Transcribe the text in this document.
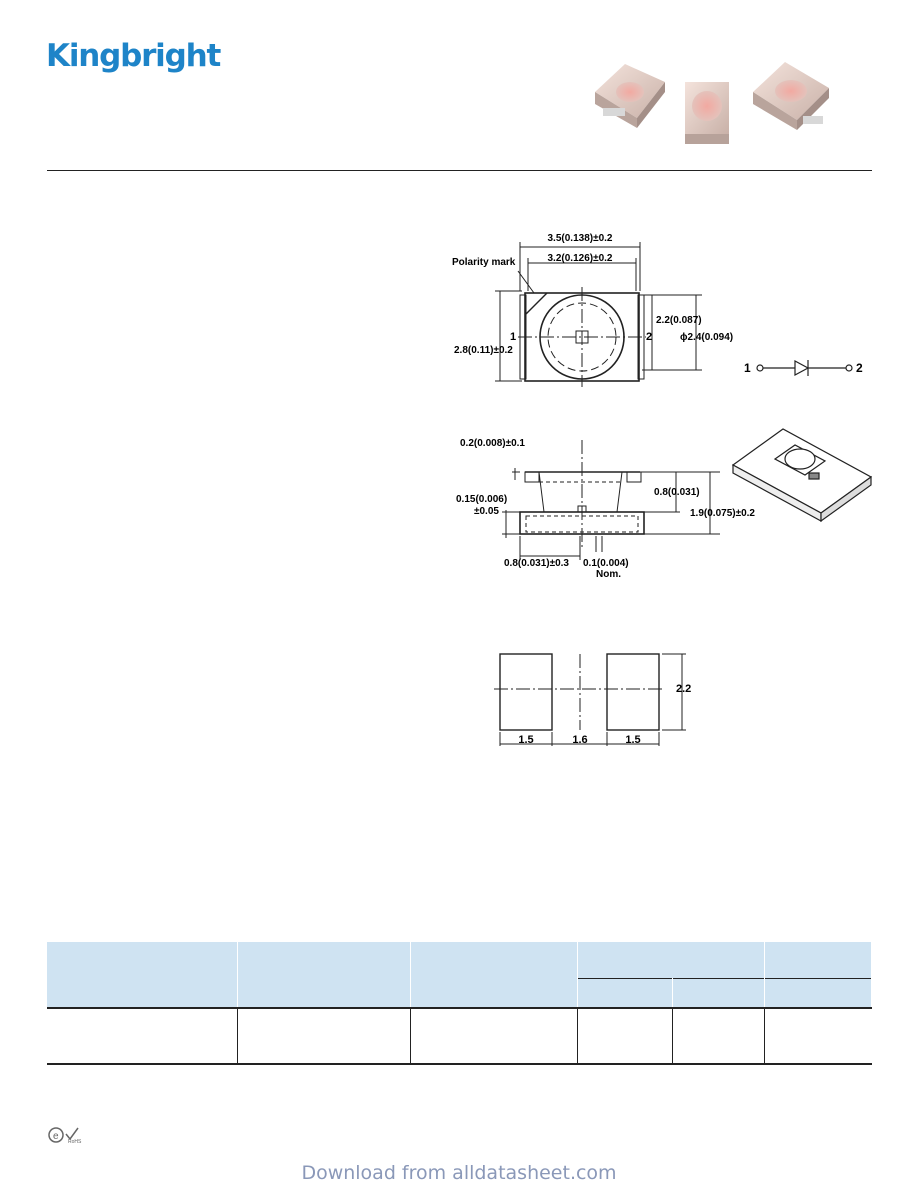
Kingbright
3.5(0.138)±0.2
3.2(0.126)±0.2
Polarity mark
2.8(0.11)±0.2
1	2
2.2(0.087)
ϕ2.4(0.094)
1	2
0.2(0.008)±0.1
0.8(0.031)
1.9(0.075)±0.2
0.15(0.006)
±0.05
0.8(0.031)±0.3 0.1(0.004)
Nom.
1.5	1.6	1.5
2.2

e RoHS
Download from alldatasheet.com
